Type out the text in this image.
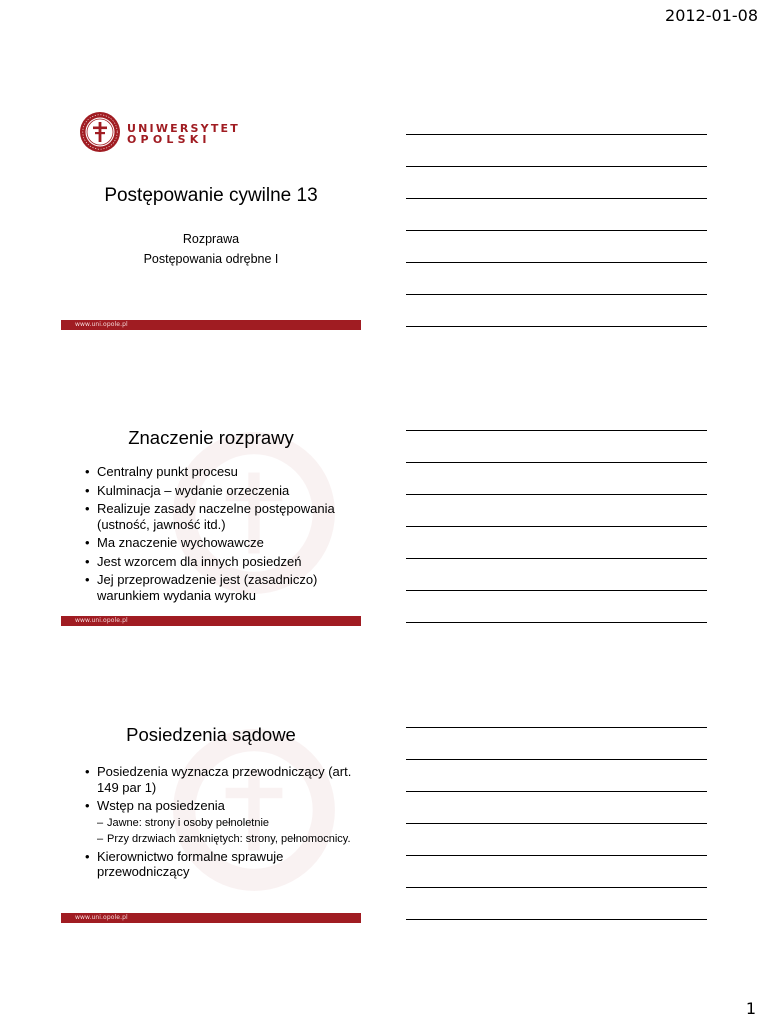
2012-01-08
UNIWERSYTET
OPOLSKI
Postępowanie cywilne 13
Rozprawa
Postępowania odrębne I
www.uni.opole.pl
Znaczenie rozprawy
• Centralny punkt procesu
• Kulminacja – wydanie orzeczenia
• Realizuje zasady naczelne postępowania (ustność, jawność itd.)
• Ma znaczenie wychowawcze
• Jest wzorcem dla innych posiedzeń
• Jej przeprowadzenie jest (zasadniczo) warunkiem wydania wyroku
www.uni.opole.pl
Posiedzenia sądowe
• Posiedzenia wyznacza przewodniczący (art. 149 par 1)
• Wstęp na posiedzenia
– Jawne: strony i osoby pełnoletnie
– Przy drzwiach zamkniętych: strony, pełnomocnicy.
• Kierownictwo formalne sprawuje przewodniczący
www.uni.opole.pl
1
